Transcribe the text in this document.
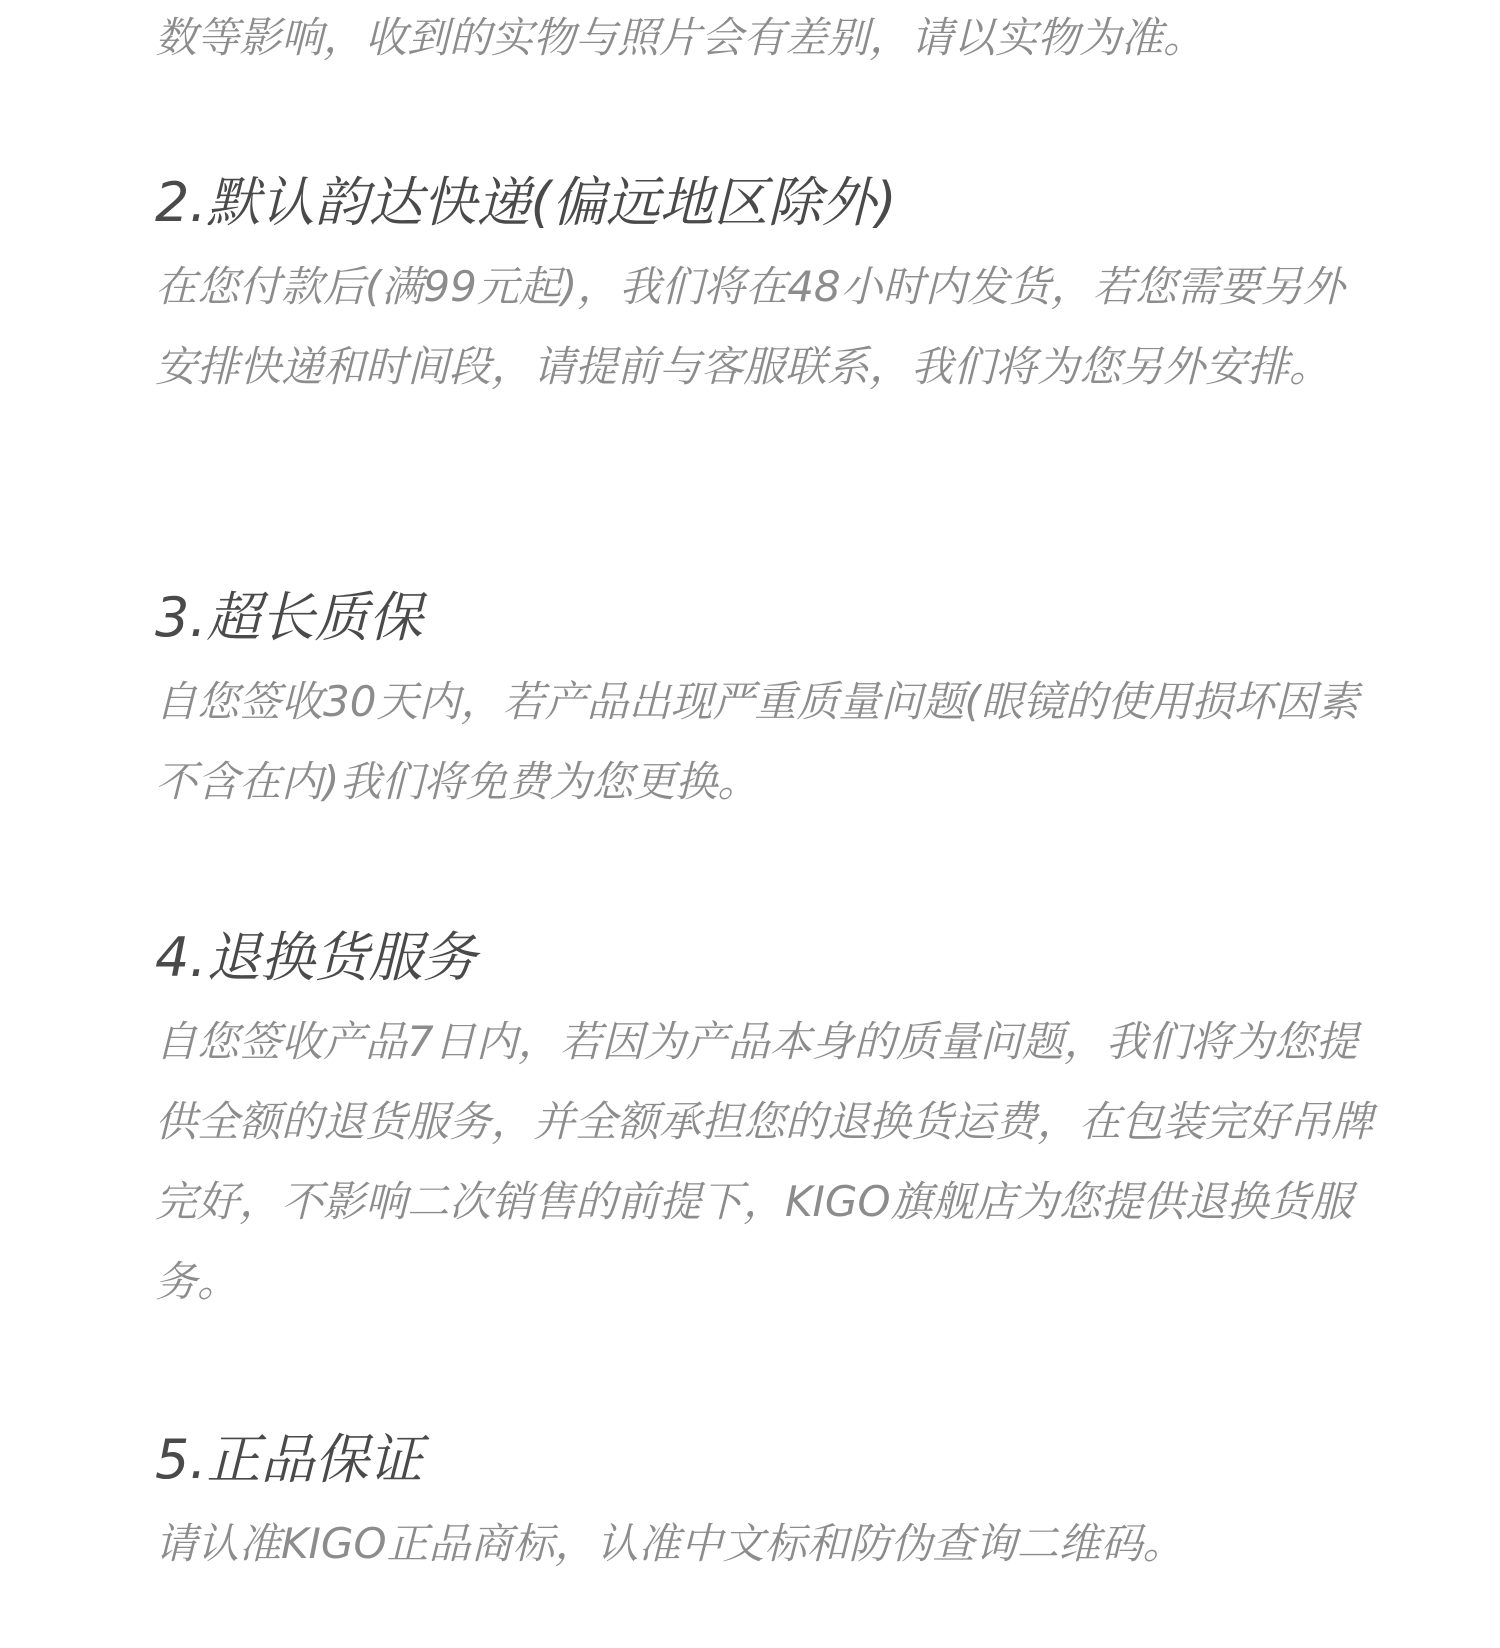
数等影响，收到的实物与照片会有差别，请以实物为准。

2.默认韵达快递(偏远地区除外)

在您付款后(满99元起)，我们将在48小时内发货，若您需要另外安排快递和时间段，请提前与客服联系，我们将为您另外安排。

3.超长质保

自您签收30天内，若产品出现严重质量问题(眼镜的使用损坏因素不含在内)我们将免费为您更换。

4.退换货服务

自您签收产品7日内，若因为产品本身的质量问题，我们将为您提供全额的退货服务，并全额承担您的退换货运费，在包装完好吊牌完好，不影响二次销售的前提下，KIGO旗舰店为您提供退换货服务。

5.正品保证

请认准KIGO正品商标，认准中文标和防伪查询二维码。
